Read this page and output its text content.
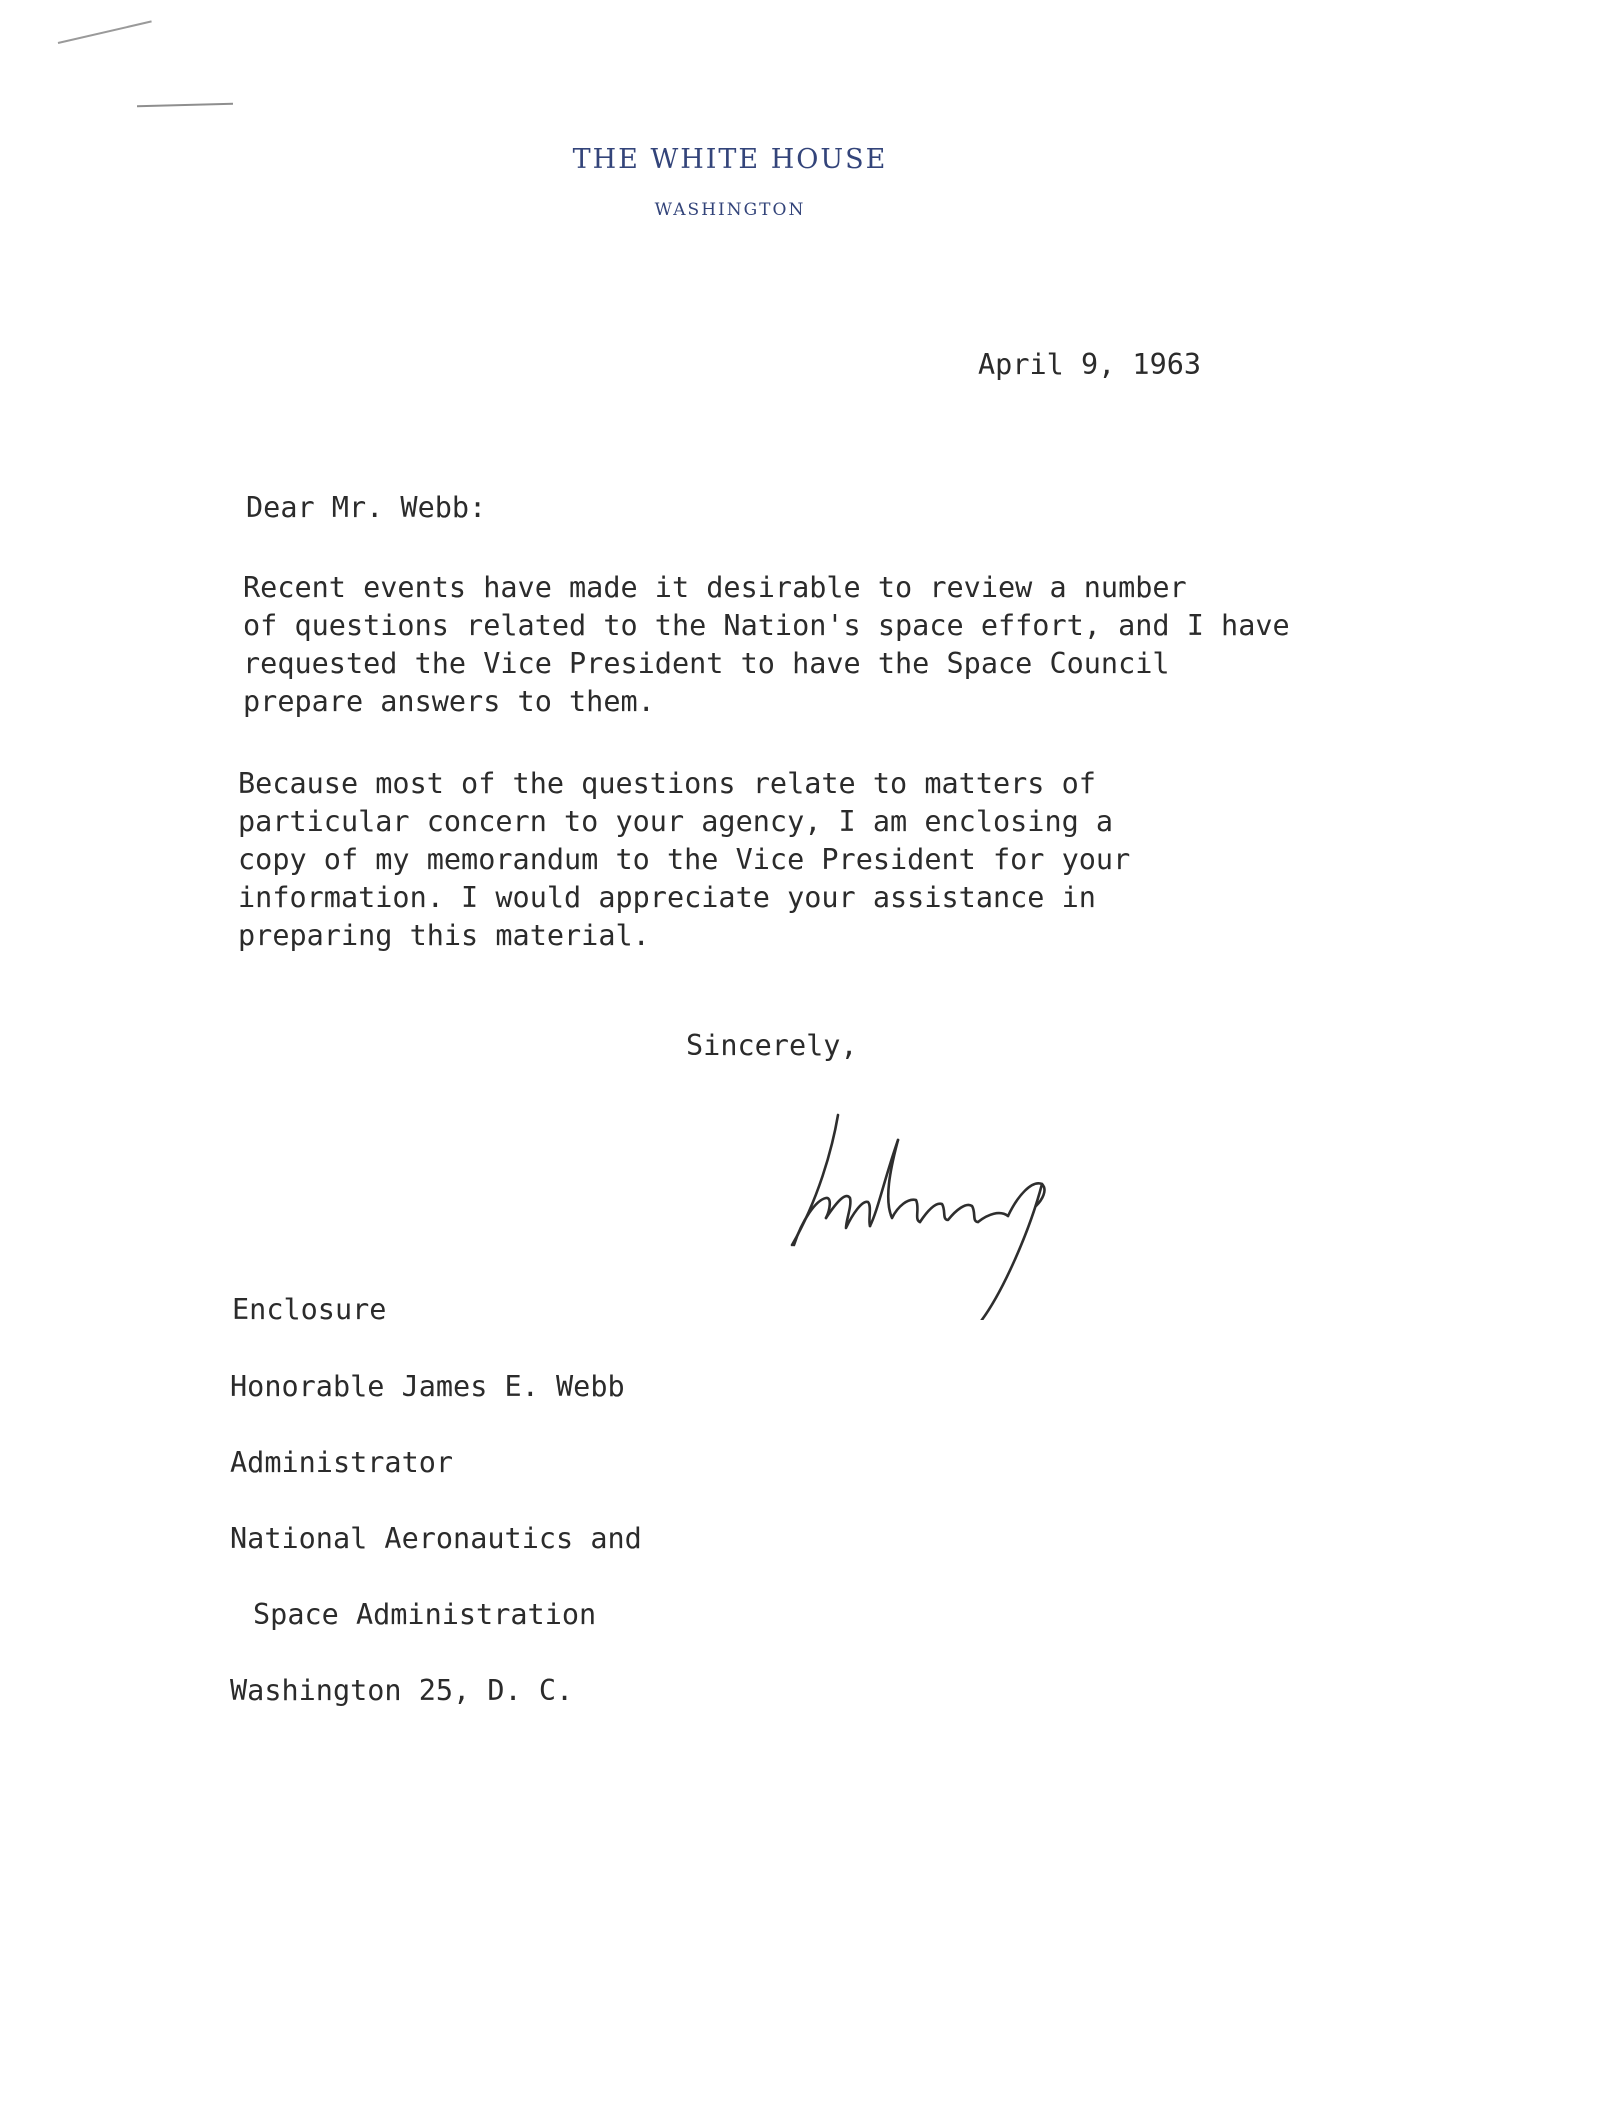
THE WHITE HOUSE
WASHINGTON
April 9, 1963
Dear Mr. Webb:
Recent events have made it desirable to review a number
of questions related to the Nation's space effort, and I have
requested the Vice President to have the Space Council
prepare answers to them.
Because most of the questions relate to matters of
particular concern to your agency, I am enclosing a
copy of my memorandum to the Vice President for your
information. I would appreciate your assistance in
preparing this material.
Sincerely,
Enclosure
Honorable James E. Webb

Administrator

National Aeronautics and

Space Administration

Washington 25, D. C.
